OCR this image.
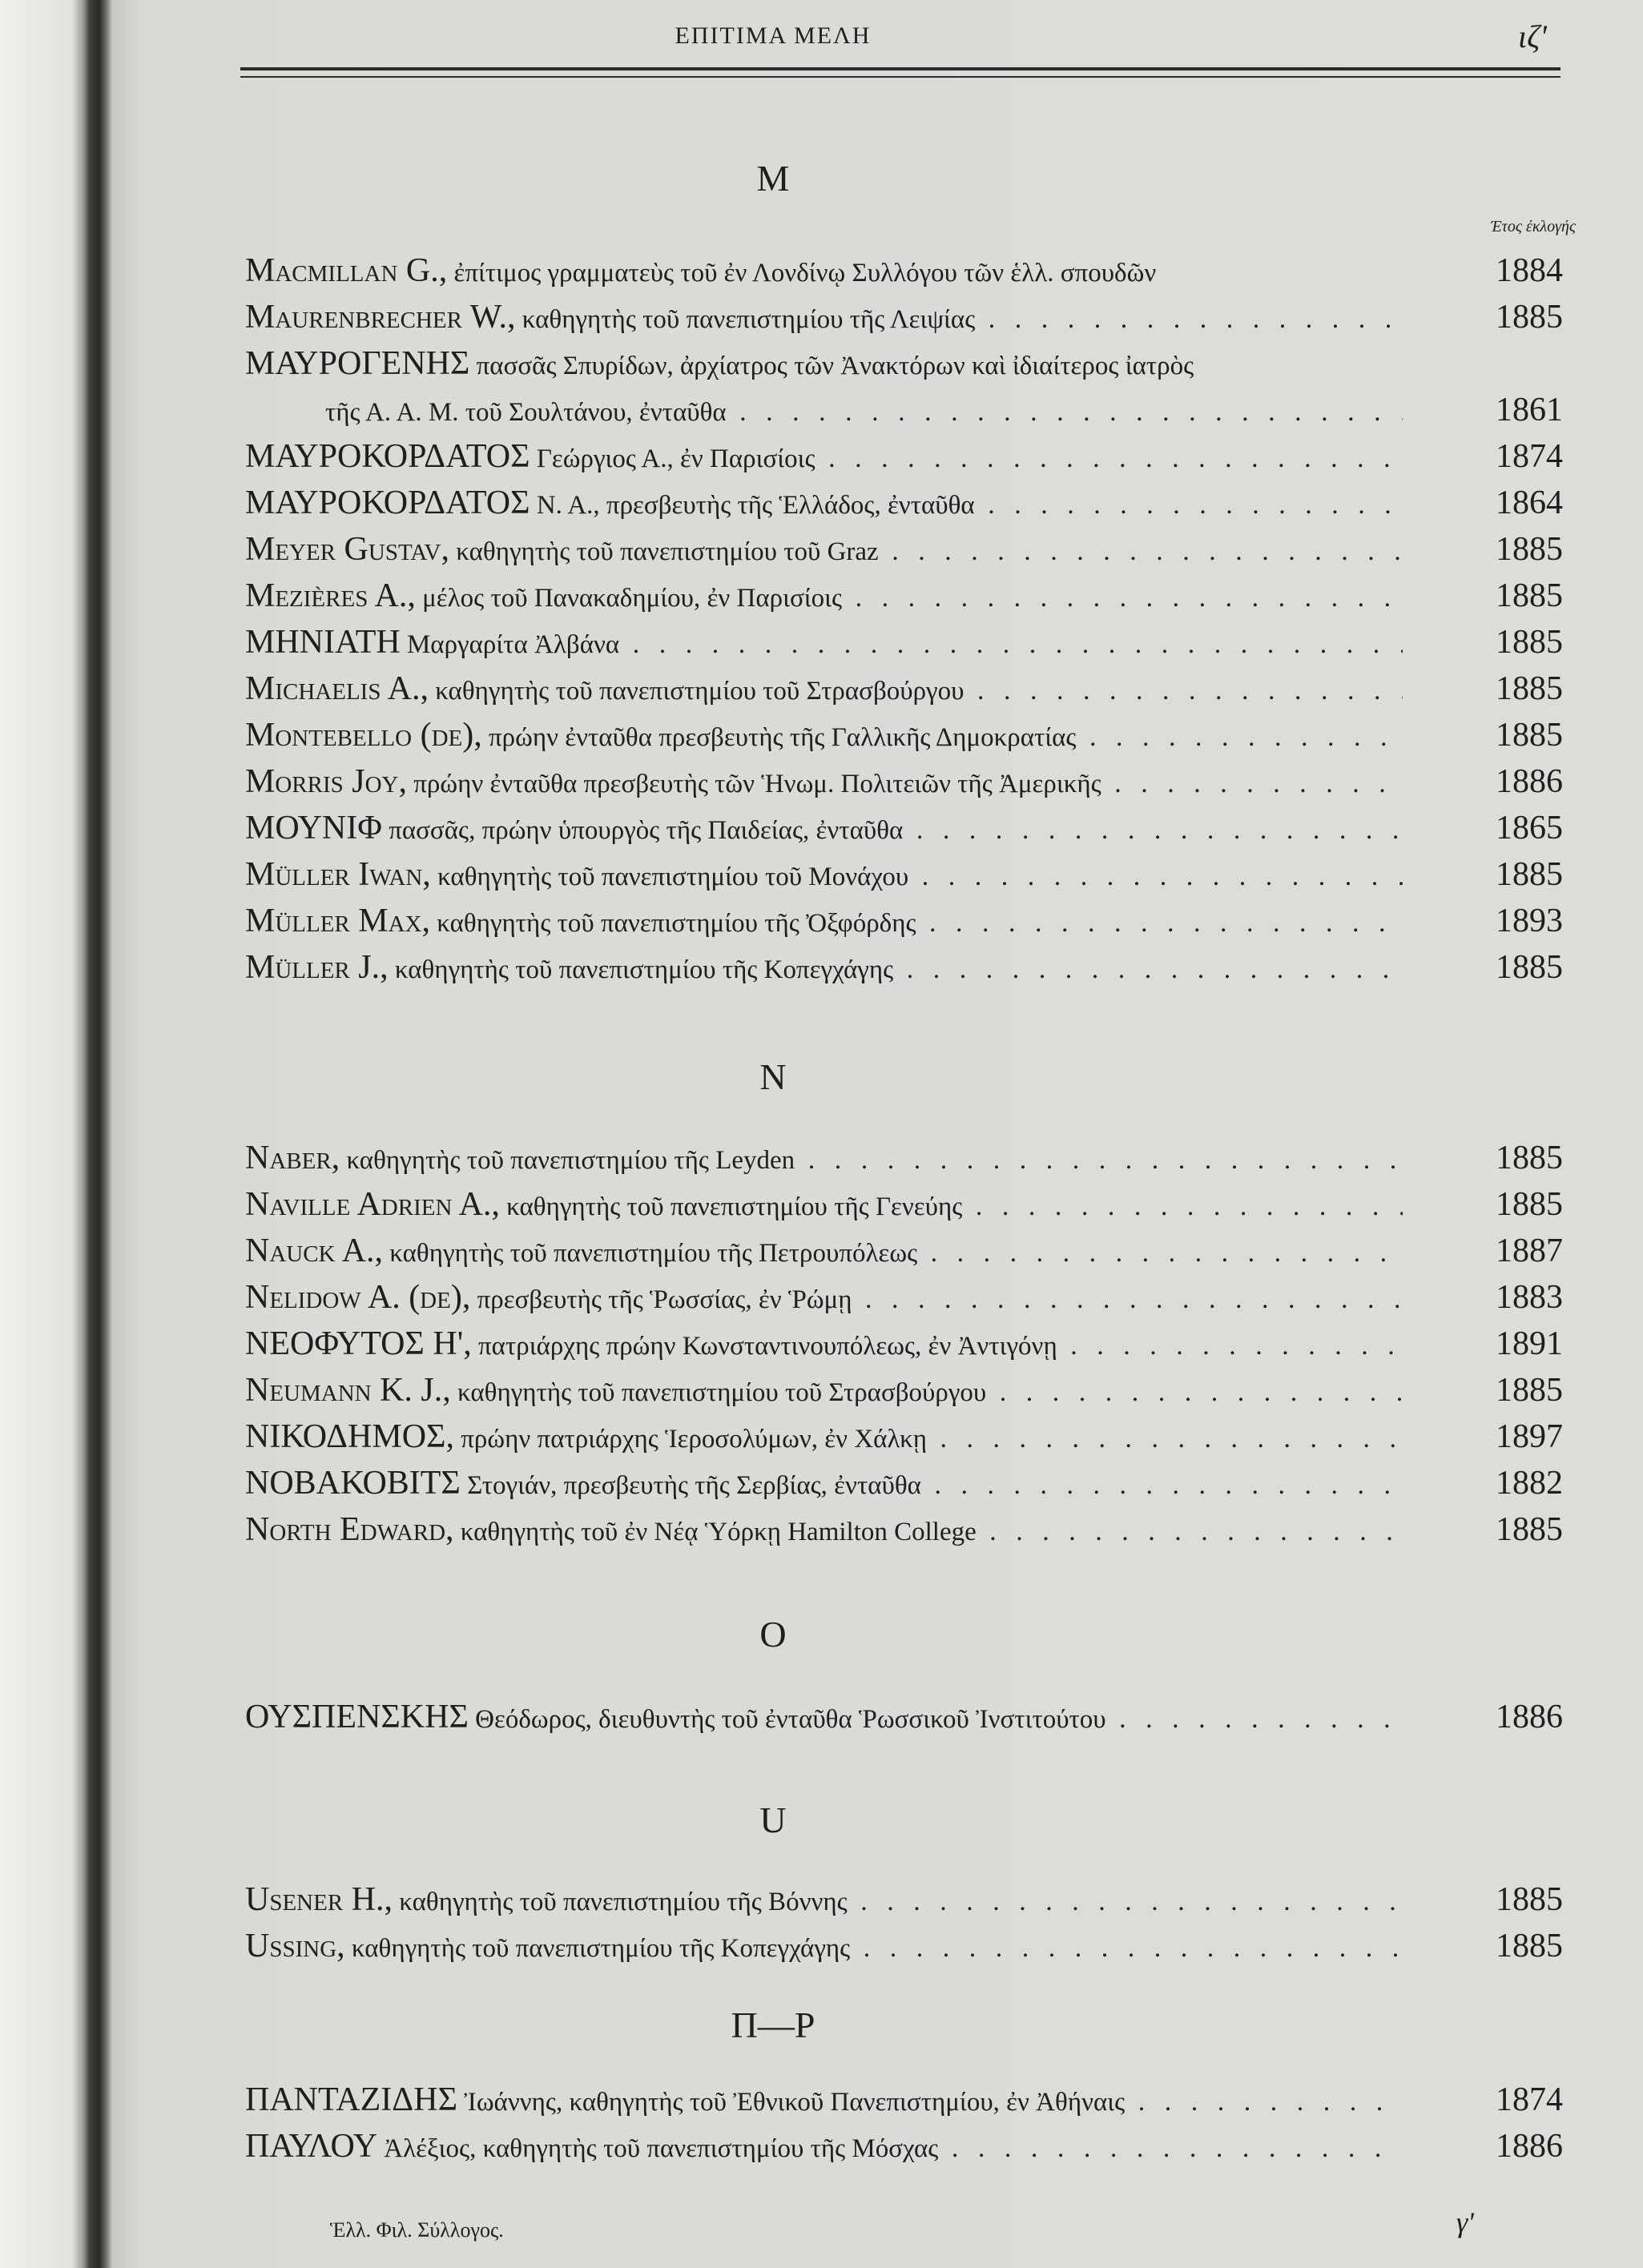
ΕΠΙΤΙΜΑ ΜΕΛΗ	ιζ'
M
Έτος έκλογής
Macmillan G., ἐπίτιμος γραμματεὺς τοῦ ἐν Λονδίνῳ Συλλόγου τῶν ἑλλ. σπουδῶν	1884
Maurenbrecher W., καθηγητὴς τοῦ πανεπιστημίου τῆς Λειψίας . . .	1885
ΜΑΥΡΟΓΕΝΗΣ πασσᾶς Σπυρίδων, ἀρχίατρος τῶν Ἀνακτόρων καὶ ἰδιαίτερος ἰατρὸς
τῆς Α. Α. Μ. τοῦ Σουλτάνου, ἐνταῦθα . . .	1861
ΜΑΥΡΟΚΟΡΔΑΤΟΣ Γεώργιος Α., ἐν Παρισίοις . . .	1874
ΜΑΥΡΟΚΟΡΔΑΤΟΣ Ν. Α., πρεσβευτὴς τῆς Ἑλλάδος, ἐνταῦθα . . .	1864
Meyer Gustav, καθηγητὴς τοῦ πανεπιστημίου τοῦ Graz . . .	1885
Mezières A., μέλος τοῦ Πανακαδημίου, ἐν Παρισίοις . . .	1885
ΜΗΝΙΑΤΗ Μαργαρίτα Ἀλβάνα . . .	1885
Michaelis A., καθηγητὴς τοῦ πανεπιστημίου τοῦ Στρασβούργου . . .	1885
Montebello (de), πρώην ἐνταῦθα πρεσβευτὴς τῆς Γαλλικῆς Δημοκρατίας . . .	1885
Morris Joy, πρώην ἐνταῦθα πρεσβευτὴς τῶν Ἡνωμ. Πολιτειῶν τῆς Ἀμερικῆς . . .	1886
ΜΟΥΝΙΦ πασσᾶς, πρώην ὑπουργὸς τῆς Παιδείας, ἐνταῦθα . . .	1865
Müller Iwan, καθηγητὴς τοῦ πανεπιστημίου τοῦ Μονάχου . . .	1885
Müller Max, καθηγητὴς τοῦ πανεπιστημίου τῆς Ὀξφόρδης . . .	1893
Müller J., καθηγητὴς τοῦ πανεπιστημίου τῆς Κοπεγχάγης . . .	1885
N
Naber, καθηγητὴς τοῦ πανεπιστημίου τῆς Leyden . . .	1885
Naville Adrien A., καθηγητὴς τοῦ πανεπιστημίου τῆς Γενεύης . . .	1885
Nauck A., καθηγητὴς τοῦ πανεπιστημίου τῆς Πετρουπόλεως . . .	1887
Nelidow A. (de), πρεσβευτὴς τῆς Ῥωσσίας, ἐν Ῥώμῃ . . .	1883
ΝΕΟΦΥΤΟΣ Η', πατριάρχης πρώην Κωνσταντινουπόλεως, ἐν Ἀντιγόνῃ . . .	1891
Neumann K. J., καθηγητὴς τοῦ πανεπιστημίου τοῦ Στρασβούργου . . .	1885
ΝΙΚΟΔΗΜΟΣ, πρώην πατριάρχης Ἱεροσολύμων, ἐν Χάλκῃ . . .	1897
ΝΟΒΑΚΟΒΙΤΣ Στογιάν, πρεσβευτὴς τῆς Σερβίας, ἐνταῦθα . . .	1882
North Edward, καθηγητὴς τοῦ ἐν Νέᾳ Ὑόρκῃ Hamilton College . . .	1885
O
ΟΥΣΠΕΝΣΚΗΣ Θεόδωρος, διευθυντὴς τοῦ ἐνταῦθα Ῥωσσικοῦ Ἰνστιτούτου . . .	1886
U
Usener H., καθηγητὴς τοῦ πανεπιστημίου τῆς Βόννης . . .	1885
Ussing, καθηγητὴς τοῦ πανεπιστημίου τῆς Κοπεγχάγης . . .	1885
Π—Ρ
ΠΑΝΤΑΖΙΔΗΣ Ἰωάννης, καθηγητὴς τοῦ Ἐθνικοῦ Πανεπιστημίου, ἐν Ἀθήναις . . .	1874
ΠΑΥΛΟΥ Ἀλέξιος, καθηγητὴς τοῦ πανεπιστημίου τῆς Μόσχας . . .	1886
Ἑλλ. Φιλ. Σύλλογος.	γ'
